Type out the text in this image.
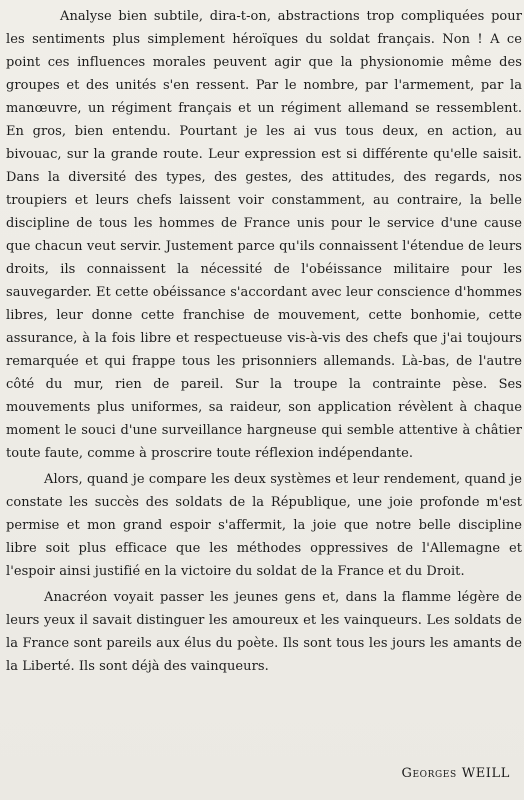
Analyse bien subtile, dira-t-on, abstractions trop compliquées pour les sentiments plus simplement héroïques du soldat français. Non ! A ce point ces influences morales peuvent agir que la physionomie même des groupes et des unités s'en ressent. Par le nombre, par l'armement, par la manœuvre, un régiment français et un régiment allemand se ressemblent. En gros, bien entendu. Pourtant je les ai vus tous deux, en action, au bivouac, sur la grande route. Leur expression est si différente qu'elle saisit. Dans la diversité des types, des gestes, des attitudes, des regards, nos troupiers et leurs chefs laissent voir constamment, au contraire, la belle discipline de tous les hommes de France unis pour le service d'une cause que chacun veut servir. Justement parce qu'ils connaissent l'étendue de leurs droits, ils connaissent la nécessité de l'obéissance militaire pour les sauvegarder. Et cette obéissance s'accordant avec leur conscience d'hommes libres, leur donne cette franchise de mouvement, cette bonhomie, cette assurance, à la fois libre et respectueuse vis-à-vis des chefs que j'ai toujours remarquée et qui frappe tous les prisonniers allemands. Là-bas, de l'autre côté du mur, rien de pareil. Sur la troupe la contrainte pèse. Ses mouvements plus uniformes, sa raideur, son application révèlent à chaque moment le souci d'une surveillance hargneuse qui semble attentive à châtier toute faute, comme à proscrire toute réflexion indépendante.

Alors, quand je compare les deux systèmes et leur rendement, quand je constate les succès des soldats de la République, une joie profonde m'est permise et mon grand espoir s'affermit, la joie que notre belle discipline libre soit plus efficace que les méthodes oppressives de l'Allemagne et l'espoir ainsi justifié en la victoire du soldat de la France et du Droit.

Anacréon voyait passer les jeunes gens et, dans la flamme légère de leurs yeux il savait distinguer les amoureux et les vainqueurs. Les soldats de la France sont pareils aux élus du poète. Ils sont tous les jours les amants de la Liberté. Ils sont déjà des vainqueurs.

Georges WEILL
